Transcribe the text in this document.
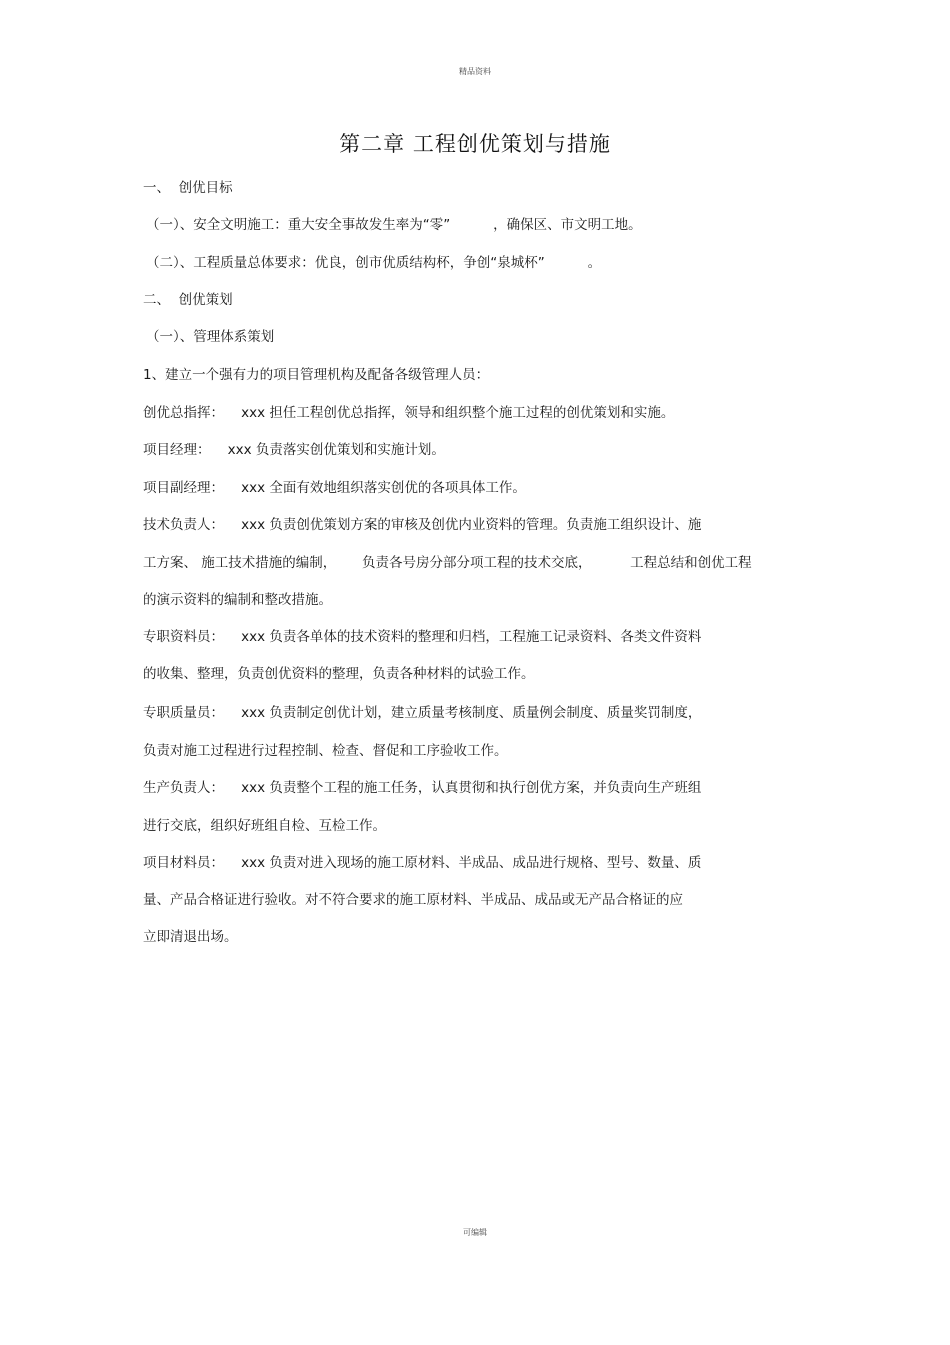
精品资料
第二章 工程创优策划与措施
一、  创优目标
（一）、安全文明施工：重大安全事故发生率为“零”          ，确保区、市文明工地。
（二）、工程质量总体要求：优良，创市优质结构杯，争创“泉城杯”          。
二、  创优策划
（一）、管理体系策划
1、建立一个强有力的项目管理机构及配备各级管理人员：
创优总指挥：    xxx 担任工程创优总指挥，领导和组织整个施工过程的创优策划和实施。
项目经理：    xxx 负责落实创优策划和实施计划。
项目副经理：    xxx 全面有效地组织落实创优的各项具体工作。
技术负责人：    xxx 负责创优策划方案的审核及创优内业资料的管理。负责施工组织设计、施
工方案、 施工技术措施的编制，      负责各号房分部分项工程的技术交底，         工程总结和创优工程
的演示资料的编制和整改措施。
专职资料员：    xxx 负责各单体的技术资料的整理和归档，工程施工记录资料、各类文件资料
的收集、整理，负责创优资料的整理，负责各种材料的试验工作。
专职质量员：    xxx 负责制定创优计划，建立质量考核制度、质量例会制度、质量奖罚制度，
负责对施工过程进行过程控制、检查、督促和工序验收工作。
生产负责人：    xxx 负责整个工程的施工任务，认真贯彻和执行创优方案，并负责向生产班组
进行交底，组织好班组自检、互检工作。
项目材料员：    xxx 负责对进入现场的施工原材料、半成品、成品进行规格、型号、数量、质
量、产品合格证进行验收。对不符合要求的施工原材料、半成品、成品或无产品合格证的应
立即清退出场。
可编辑
